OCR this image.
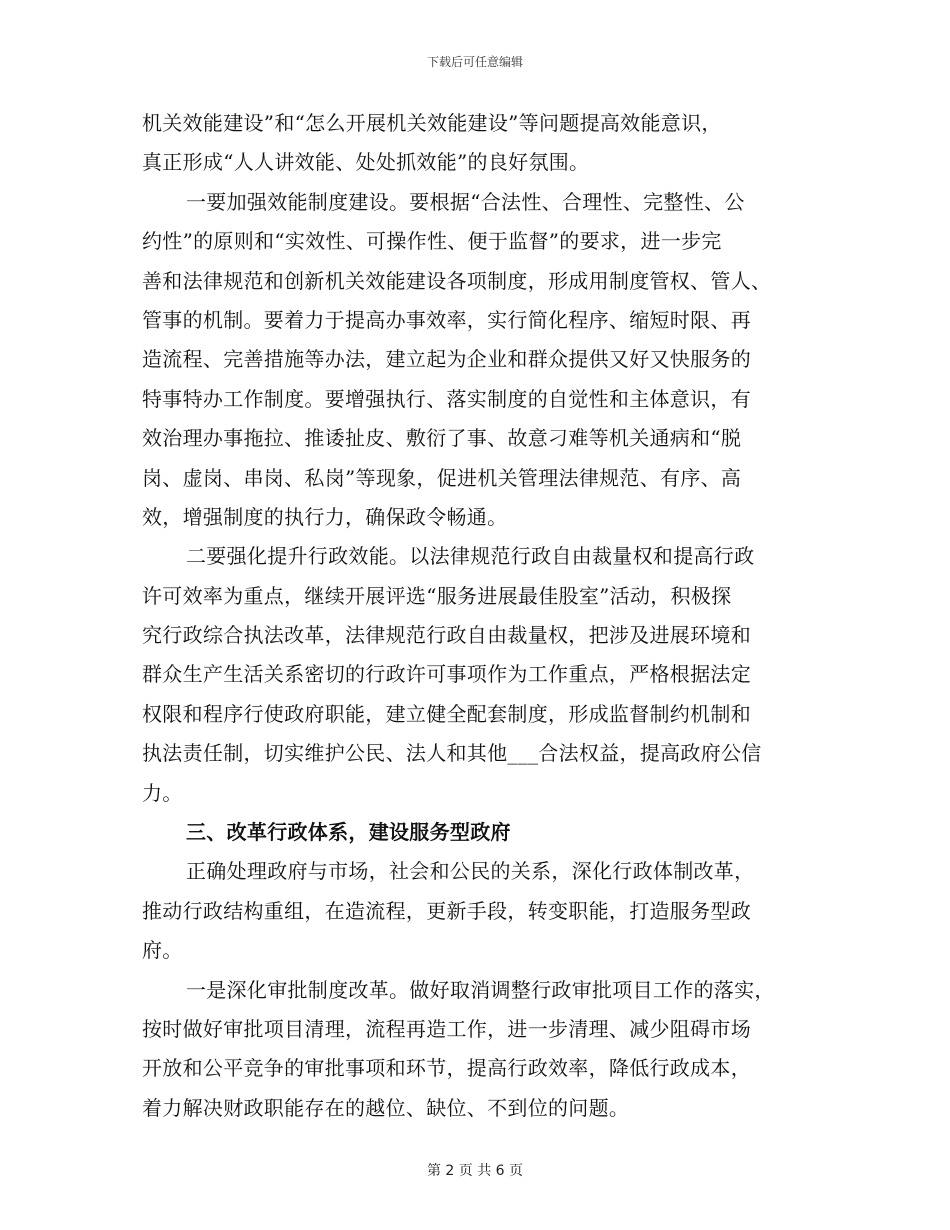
下载后可任意编辑

机关效能建设”和“怎么开展机关效能建设”等问题提高效能意识，

真正形成“人人讲效能、处处抓效能”的良好氛围。

一要加强效能制度建设。要根据“合法性、合理性、完整性、公

约性”的原则和“实效性、可操作性、便于监督”的要求，进一步完

善和法律规范和创新机关效能建设各项制度，形成用制度管权、管人、

管事的机制。要着力于提高办事效率，实行简化程序、缩短时限、再

造流程、完善措施等办法，建立起为企业和群众提供又好又快服务的

特事特办工作制度。要增强执行、落实制度的自觉性和主体意识，有

效治理办事拖拉、推诿扯皮、敷衍了事、故意刁难等机关通病和“脱

岗、虚岗、串岗、私岗”等现象，促进机关管理法律规范、有序、高

效，增强制度的执行力，确保政令畅通。

二要强化提升行政效能。以法律规范行政自由裁量权和提高行政

许可效率为重点，继续开展评选“服务进展最佳股室”活动，积极探

究行政综合执法改革，法律规范行政自由裁量权，把涉及进展环境和

群众生产生活关系密切的行政许可事项作为工作重点，严格根据法定

权限和程序行使政府职能，建立健全配套制度，形成监督制约机制和

执法责任制，切实维护公民、法人和其他___合法权益，提高政府公信

力。

三、改革行政体系，建设服务型政府

正确处理政府与市场，社会和公民的关系，深化行政体制改革，

推动行政结构重组，在造流程，更新手段，转变职能，打造服务型政

府。

一是深化审批制度改革。做好取消调整行政审批项目工作的落实，

按时做好审批项目清理，流程再造工作，进一步清理、减少阻碍市场

开放和公平竞争的审批事项和环节，提高行政效率，降低行政成本，

着力解决财政职能存在的越位、缺位、不到位的问题。

第 2 页 共 6 页
